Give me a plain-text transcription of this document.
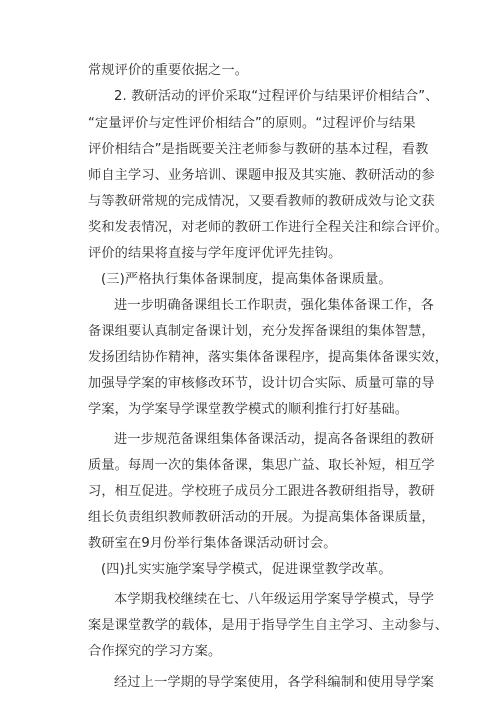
常规评价的重要依据之一。
2. 教研活动的评价采取“过程评价与结果评价相结合”、
“定量评价与定性评价相结合”的原则。“过程评价与结果
评价相结合”是指既要关注老师参与教研的基本过程，看教
师自主学习、业务培训、课题申报及其实施、教研活动的参
与等教研常规的完成情况，又要看教师的教研成效与论文获
奖和发表情况，对老师的教研工作进行全程关注和综合评价。
评价的结果将直接与学年度评优评先挂钩。
(三)严格执行集体备课制度，提高集体备课质量。
进一步明确备课组长工作职责，强化集体备课工作，各
备课组要认真制定备课计划，充分发挥备课组的集体智慧，
发扬团结协作精神，落实集体备课程序，提高集体备课实效，
加强导学案的审核修改环节，设计切合实际、质量可靠的导
学案，为学案导学课堂教学模式的顺利推行打好基础。
进一步规范备课组集体备课活动，提高各备课组的教研
质量。每周一次的集体备课，集思广益、取长补短，相互学
习，相互促进。学校班子成员分工跟进各教研组指导，教研
组长负责组织教师教研活动的开展。为提高集体备课质量，
教研室在9月份举行集体备课活动研讨会。
(四)扎实实施学案导学模式，促进课堂教学改革。
本学期我校继续在七、八年级运用学案导学模式，导学
案是课堂教学的载体，是用于指导学生自主学习、主动参与、
合作探究的学习方案。
经过上一学期的导学案使用，各学科编制和使用导学案
